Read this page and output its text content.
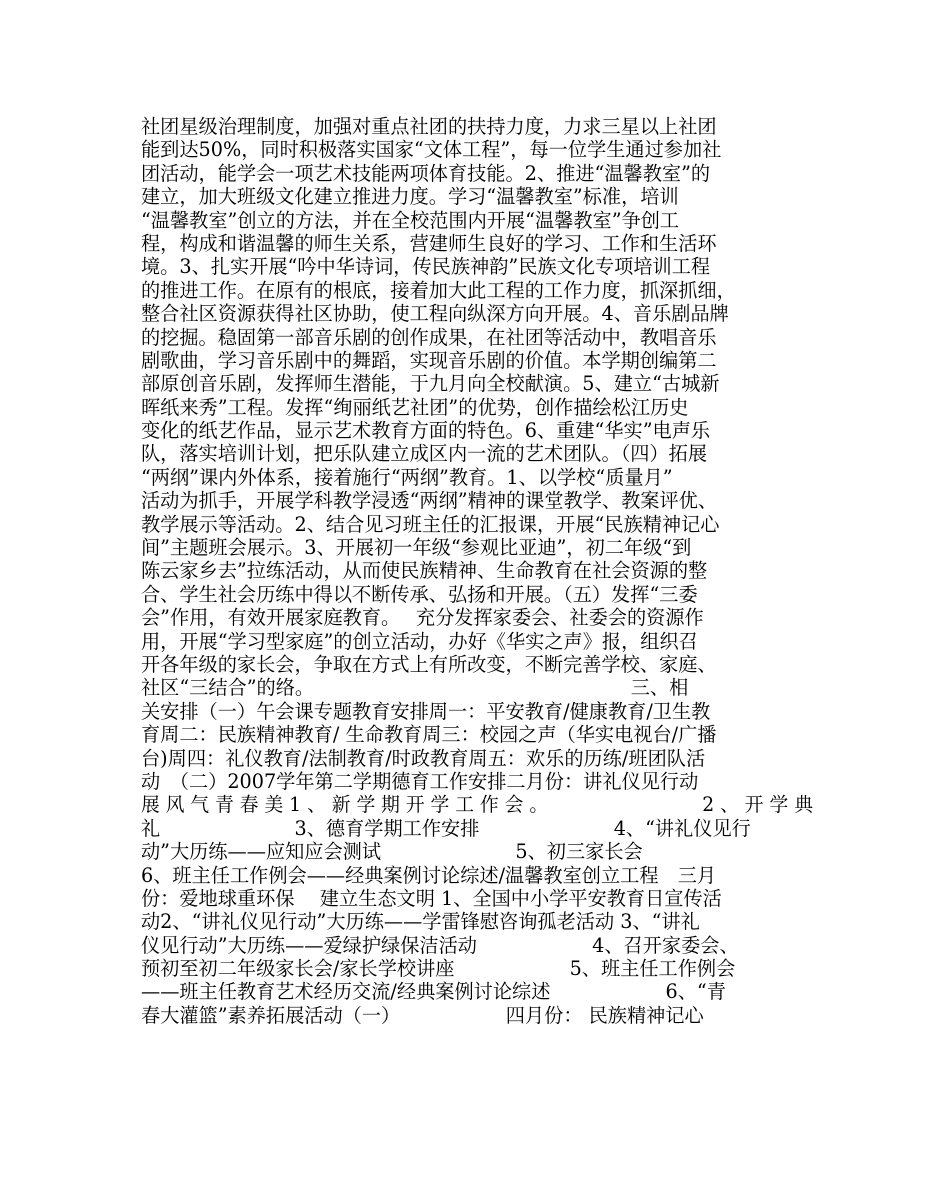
社团星级治理制度，加强对重点社团的扶持力度，力求三星以上社团
能到达50%，同时积极落实国家“文体工程”，每一位学生通过参加社
团活动，能学会一项艺术技能两项体育技能。2、推进“温馨教室”的
建立，加大班级文化建立推进力度。学习“温馨教室”标准，培训
“温馨教室”创立的方法，并在全校范围内开展“温馨教室”争创工
程，构成和谐温馨的师生关系，营建师生良好的学习、工作和生活环
境。3、扎实开展“吟中华诗词，传民族神韵”民族文化专项培训工程
的推进工作。在原有的根底，接着加大此工程的工作力度，抓深抓细，
整合社区资源获得社区协助，使工程向纵深方向开展。4、音乐剧品牌
的挖掘。稳固第一部音乐剧的创作成果，在社团等活动中，教唱音乐
剧歌曲，学习音乐剧中的舞蹈，实现音乐剧的价值。本学期创编第二
部原创音乐剧，发挥师生潜能，于九月向全校献演。5、建立“古城新
晖纸来秀”工程。发挥“绚丽纸艺社团”的优势，创作描绘松江历史
变化的纸艺作品，显示艺术教育方面的特色。6、重建“华实”电声乐
队，落实培训计划，把乐队建立成区内一流的艺术团队。（四）拓展
“两纲”课内外体系，接着施行“两纲”教育。1、以学校“质量月”
活动为抓手，开展学科教学浸透“两纲”精神的课堂教学、教案评优、
教学展示等活动。2、结合见习班主任的汇报课，开展“民族精神记心
间”主题班会展示。3、开展初一年级“参观比亚迪”，初二年级“到
陈云家乡去”拉练活动，从而使民族精神、生命教育在社会资源的整
合、学生社会历练中得以不断传承、弘扬和开展。（五）发挥“三委
会”作用，有效开展家庭教育。　 充分发挥家委会、社委会的资源作
用，开展“学习型家庭”的创立活动，办好《华实之声》报，组织召
开各年级的家长会，争取在方式上有所改变，不断完善学校、家庭、
社区“三结合”的络。　　　　　　　　　　　　　　　　　三、相
关安排（一）午会课专题教育安排周一：平安教育/健康教育/卫生教
育周二：民族精神教育/ 生命教育周三：校园之声（华实电视台/广播
台)周四：礼仪教育/法制教育/时政教育周五：欢乐的历练/班团队活
动　（二）2007学年第二学期德育工作安排二月份：讲礼仪见行动
展 风 气 青 春 美 1 、 新 学 期 开 学 工 作 会 。 　 　 　 　 　 　 2 、 开 学 典
礼　　　　　　　3、德育学期工作安排　　　　　　　4、“讲礼仪见行
动”大历练——应知应会测试　　　　　　　5、初三家长会
6、班主任工作例会——经典案例讨论综述/温馨教室创立工程　三月
份：爱地球重环保　 建立生态文明 1、全国中小学平安教育日宣传活
动2、“讲礼仪见行动”大历练——学雷锋慰咨询孤老活动 3、“讲礼
仪见行动”大历练——爱绿护绿保洁活动　　　　　　4、召开家委会、
预初至初二年级家长会/家长学校讲座　　　　　　5、班主任工作例会
——班主任教育艺术经历交流/经典案例讨论综述　　　　　　6、“青
春大灌篮”素养拓展活动（一）　　　　　　四月份： 民族精神记心
